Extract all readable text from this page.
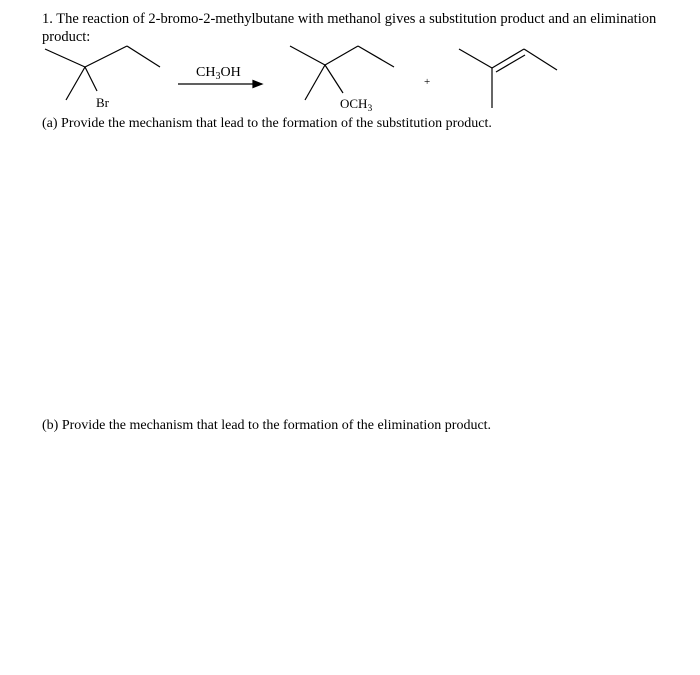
1. The reaction of 2-bromo-2-methylbutane with methanol gives a substitution product and an elimination product:

Br
$CH_3OH$
$OCH_3$
+

(a) Provide the mechanism that lead to the formation of the substitution product.

(b) Provide the mechanism that lead to the formation of the elimination product.
